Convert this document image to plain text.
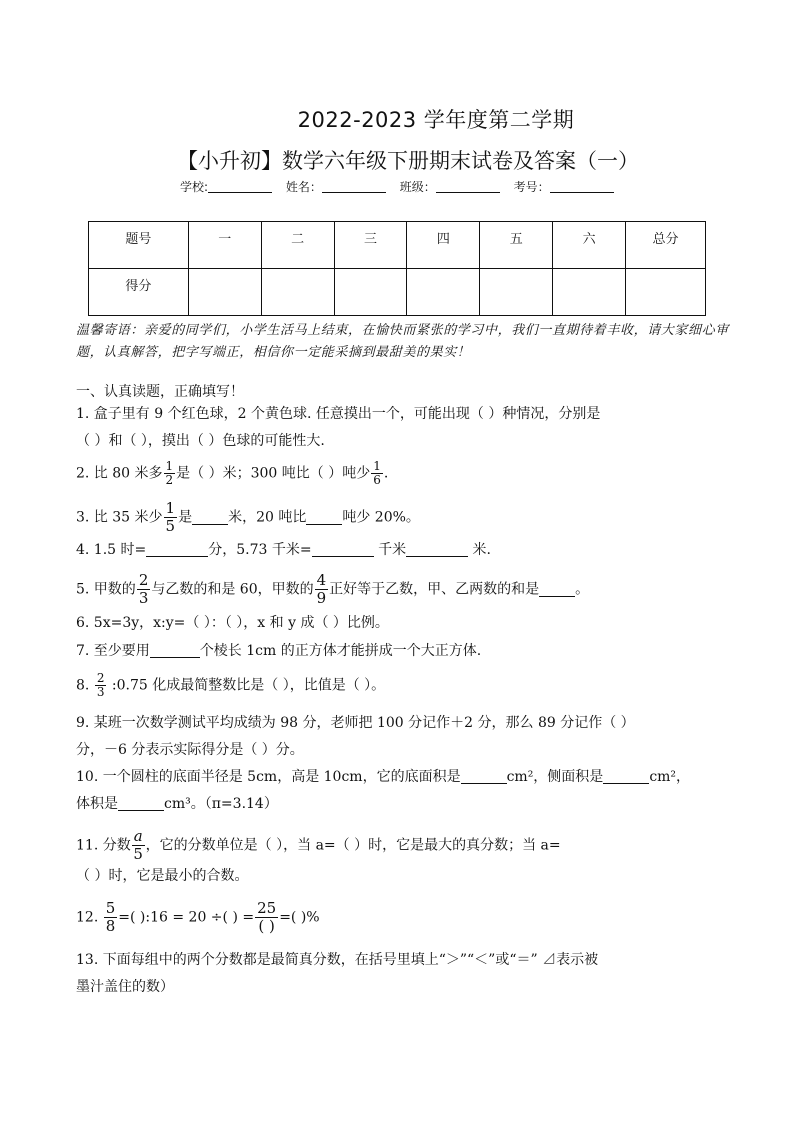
2022-2023 学年度第二学期
【小升初】数学六年级下册期末试卷及答案（一）
学校:	姓名：	班级：	考号：
题号	一	二	三	四	五	六	总分
得分							
温馨寄语：亲爱的同学们，小学生活马上结束，在愉快而紧张的学习中，我们一直期待着丰收，请大家细心审题，认真解答，把字写端正，相信你一定能采摘到最甜美的果实！
一、认真读题，正确填写！
1. 盒子里有 9 个红色球，2 个黄色球. 任意摸出一个，可能出现（ ）种情况，分别是
（ ）和（ ），摸出（ ）色球的可能性大.
2. 比 80 米多 $\frac{1}{2}$ 是（ ）米；300 吨比（ ）吨少 $\frac{1}{6}$ .
3. 比 35 米少 $\frac{1}{5}$ 是	米，20 吨比	吨少 20%。
4. 1.5 时=	分，5.73 千米=	千米	米.
5. 甲数的 $\frac{2}{3}$ 与乙数的和是 60，甲数的 $\frac{4}{9}$ 正好等于乙数，甲、乙两数的和是	。
6. 5x=3y，x:y=（ ）：（ ），x 和 y 成（ ）比例。
7. 至少要用	个棱长 1cm 的正方体才能拼成一个大正方体.
8. $\frac{2}{3}$ :0.75 化成最简整数比是（ ），比值是（ ）。
9. 某班一次数学测试平均成绩为 98 分，老师把 100 分记作＋2 分，那么 89 分记作（ ）
分，－6 分表示实际得分是（ ）分。
10. 一个圆柱的底面半径是 5cm，高是 10cm，它的底面积是	cm²，侧面积是	cm²，
体积是	cm³。（π=3.14）
11. 分数 $\frac{a}{5}$ ，它的分数单位是（ ），当 a=（ ）时，它是最大的真分数；当 a=
（ ）时，它是最小的合数。
12. $\frac{5}{8}$ =( ):16 = 20 ÷( ) = $\frac{25}{( )}$ =( )%
13. 下面每组中的两个分数都是最简真分数，在括号里填上“＞”“＜”或“＝” ⊿表示被
墨汁盖住的数）
